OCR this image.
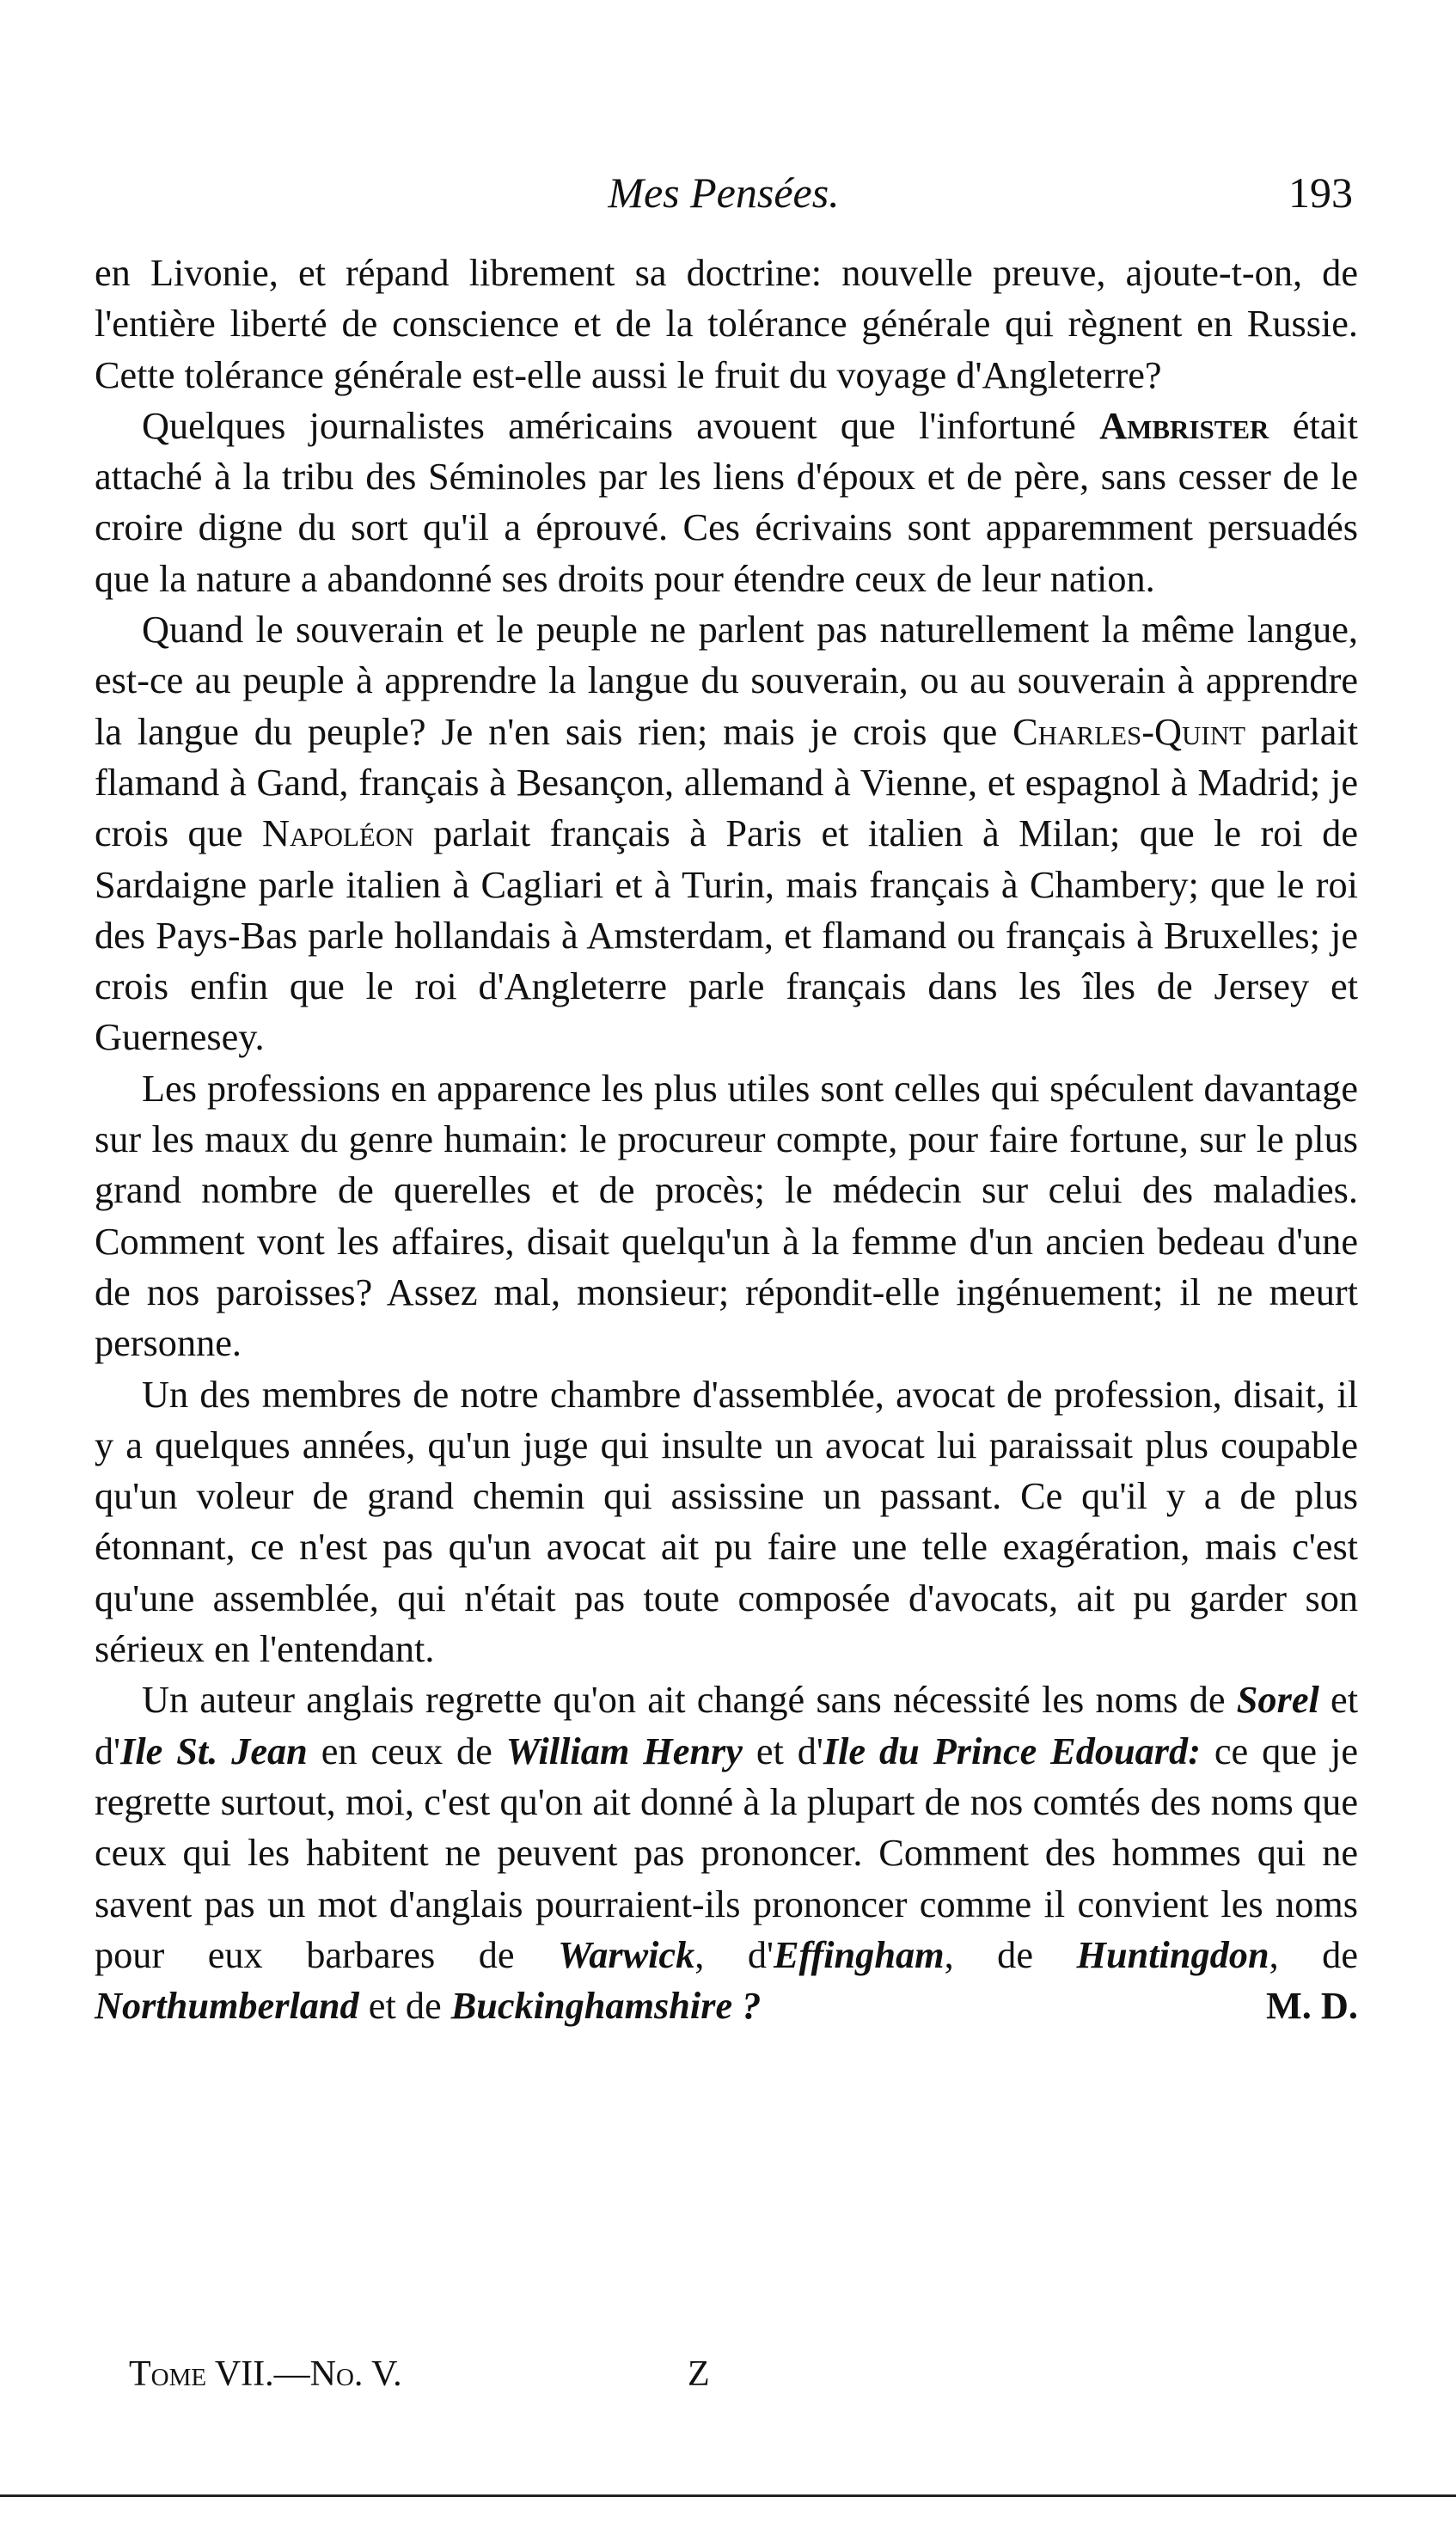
Mes Pensées.	193

en Livonie, et répand librement sa doctrine: nouvelle preuve, ajoute-t-on, de l'entière liberté de conscience et de la tolérance générale qui règnent en Russie. Cette tolérance générale est-elle aussi le fruit du voyage d'Angleterre?

Quelques journalistes américains avouent que l'infortuné Ambrister était attaché à la tribu des Séminoles par les liens d'époux et de père, sans cesser de le croire digne du sort qu'il a éprouvé. Ces écrivains sont apparemment persuadés que la nature a abandonné ses droits pour étendre ceux de leur nation.

Quand le souverain et le peuple ne parlent pas naturellement la même langue, est-ce au peuple à apprendre la langue du souverain, ou au souverain à apprendre la langue du peuple? Je n'en sais rien; mais je crois que Charles-Quint parlait flamand à Gand, français à Besançon, allemand à Vienne, et espagnol à Madrid; je crois que Napoléon parlait français à Paris et italien à Milan; que le roi de Sardaigne parle italien à Cagliari et à Turin, mais français à Chambery; que le roi des Pays-Bas parle hollandais à Amsterdam, et flamand ou français à Bruxelles; je crois enfin que le roi d'Angleterre parle français dans les îles de Jersey et Guernesey.

Les professions en apparence les plus utiles sont celles qui spéculent davantage sur les maux du genre humain: le procureur compte, pour faire fortune, sur le plus grand nombre de querelles et de procès; le médecin sur celui des maladies. Comment vont les affaires, disait quelqu'un à la femme d'un ancien bedeau d'une de nos paroisses? Assez mal, monsieur; répondit-elle ingénuement; il ne meurt personne.

Un des membres de notre chambre d'assemblée, avocat de profession, disait, il y a quelques années, qu'un juge qui insulte un avocat lui paraissait plus coupable qu'un voleur de grand chemin qui assissine un passant. Ce qu'il y a de plus étonnant, ce n'est pas qu'un avocat ait pu faire une telle exagération, mais c'est qu'une assemblée, qui n'était pas toute composée d'avocats, ait pu garder son sérieux en l'entendant.

Un auteur anglais regrette qu'on ait changé sans nécessité les noms de Sorel et d'Ile St. Jean en ceux de William Henry et d'Ile du Prince Edouard: ce que je regrette surtout, moi, c'est qu'on ait donné à la plupart de nos comtés des noms que ceux qui les habitent ne peuvent pas prononcer. Comment des hommes qui ne savent pas un mot d'anglais pourraient-ils prononcer comme il convient les noms pour eux barbares de Warwick, d'Effingham, de Huntingdon, de Northumberland et de Buckinghamshire ?	M. D.

Tome VII.—No. V.	Z
